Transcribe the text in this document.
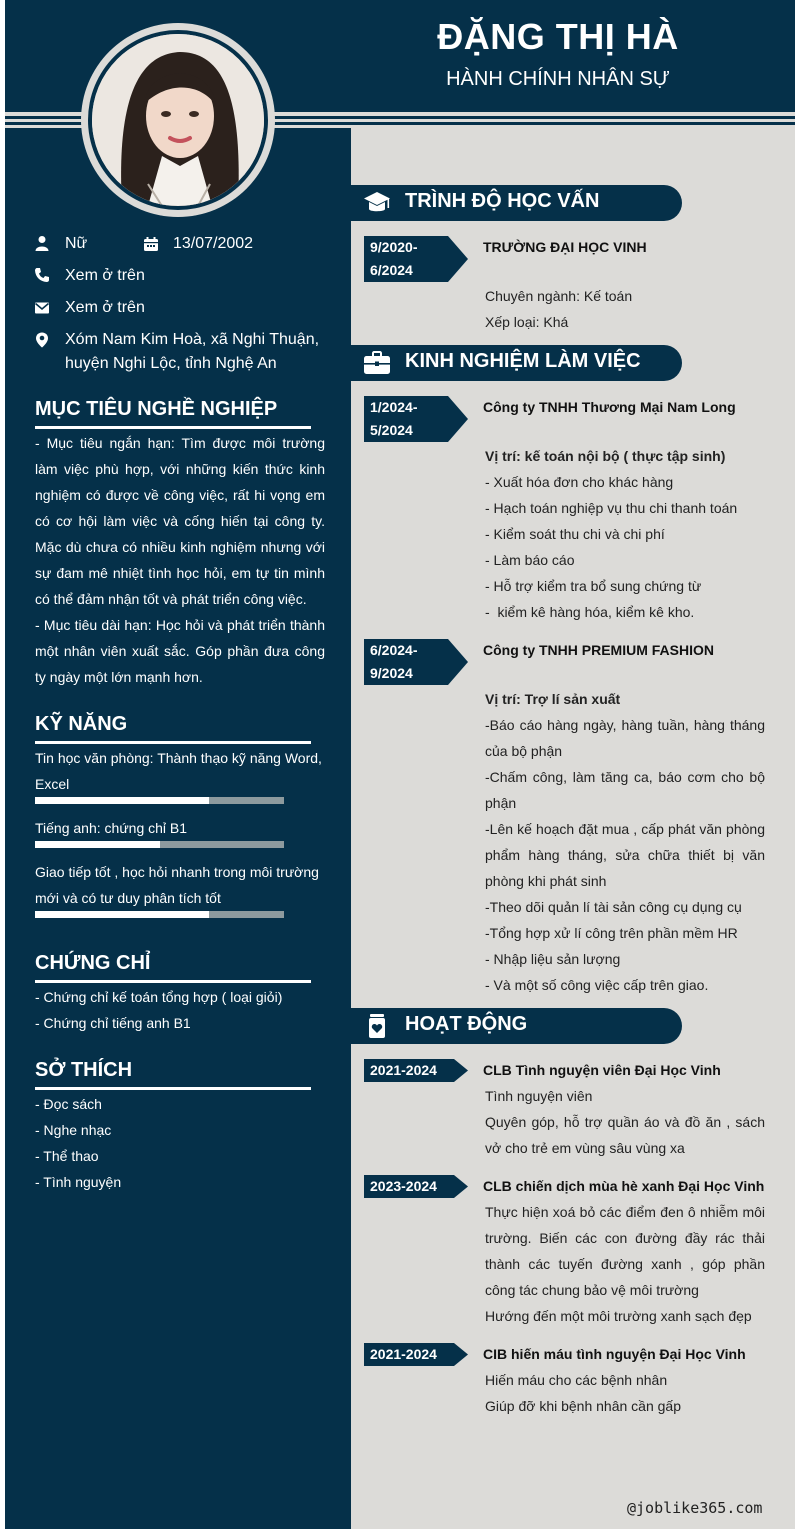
ĐẶNG THỊ HÀ
HÀNH CHÍNH NHÂN SỰ
Nữ	13/07/2002
Xem ở trên
Xem ở trên
Xóm Nam Kim Hoà, xã Nghi Thuận,
huyện Nghi Lộc, tỉnh Nghệ An
MỤC TIÊU NGHỀ NGHIỆP
- Mục tiêu ngắn hạn: Tìm được môi trường làm việc phù hợp, với những kiến thức kinh nghiệm có được về công việc, rất hi vọng em có cơ hội làm việc và cống hiến tại công ty. Mặc dù chưa có nhiều kinh nghiệm nhưng với sự đam mê nhiệt tình học hỏi, em tự tin mình có thể đảm nhận tốt và phát triển công việc.
- Mục tiêu dài hạn: Học hỏi và phát triển thành một nhân viên xuất sắc. Góp phần đưa công ty ngày một lớn mạnh hơn.
KỸ NĂNG
Tin học văn phòng: Thành thạo kỹ năng Word, Excel
Tiếng anh: chứng chỉ B1
Giao tiếp tốt , học hỏi nhanh trong môi trường mới và có tư duy phân tích tốt
CHỨNG CHỈ
- Chứng chỉ kế toán tổng hợp ( loại giỏi)
- Chứng chỉ tiếng anh B1
SỞ THÍCH
- Đọc sách
- Nghe nhạc
- Thể thao
- Tình nguyện
TRÌNH ĐỘ HỌC VẤN
9/2020-
6/2024
TRƯỜNG ĐẠI HỌC VINH
Chuyên ngành: Kế toán
Xếp loại: Khá
KINH NGHIỆM LÀM VIỆC
1/2024-
5/2024
Công ty TNHH Thương Mại Nam Long
Vị trí: kế toán nội bộ ( thực tập sinh)
- Xuất hóa đơn cho khác hàng
- Hạch toán nghiệp vụ thu chi thanh toán
- Kiểm soát thu chi và chi phí
- Làm báo cáo
- Hỗ trợ kiểm tra bổ sung chứng từ
-  kiểm kê hàng hóa, kiểm kê kho.
6/2024-
9/2024
Công ty TNHH PREMIUM FASHION
Vị trí: Trợ lí sản xuất
-Báo cáo hàng ngày, hàng tuần, hàng tháng của bộ phận
-Chấm công, làm tăng ca, báo cơm cho bộ phận
-Lên kế hoạch đặt mua , cấp phát văn phòng phẩm hàng tháng, sửa chữa thiết bị văn phòng khi phát sinh
-Theo dõi quản lí tài sản công cụ dụng cụ
-Tổng hợp xử lí công trên phần mềm HR
- Nhập liệu sản lượng
- Và một số công việc cấp trên giao.
HOẠT ĐỘNG
2021-2024	CLB Tình nguyện viên Đại Học Vinh
Tình nguyện viên
Quyên góp, hỗ trợ quần áo và đồ ăn , sách vở cho trẻ em vùng sâu vùng xa
2023-2024	CLB chiến dịch mùa hè xanh Đại Học Vinh
Thực hiện xoá bỏ các điểm đen ô nhiễm môi trường. Biến các con đường đầy rác thải thành các tuyến đường xanh , góp phần công tác chung bảo vệ môi trường
Hướng đến một môi trường xanh sạch đẹp
2021-2024	CIB hiến máu tình nguyện Đại Học Vinh
Hiến máu cho các bệnh nhân
Giúp đỡ khi bệnh nhân cần gấp
@joblike365.com
